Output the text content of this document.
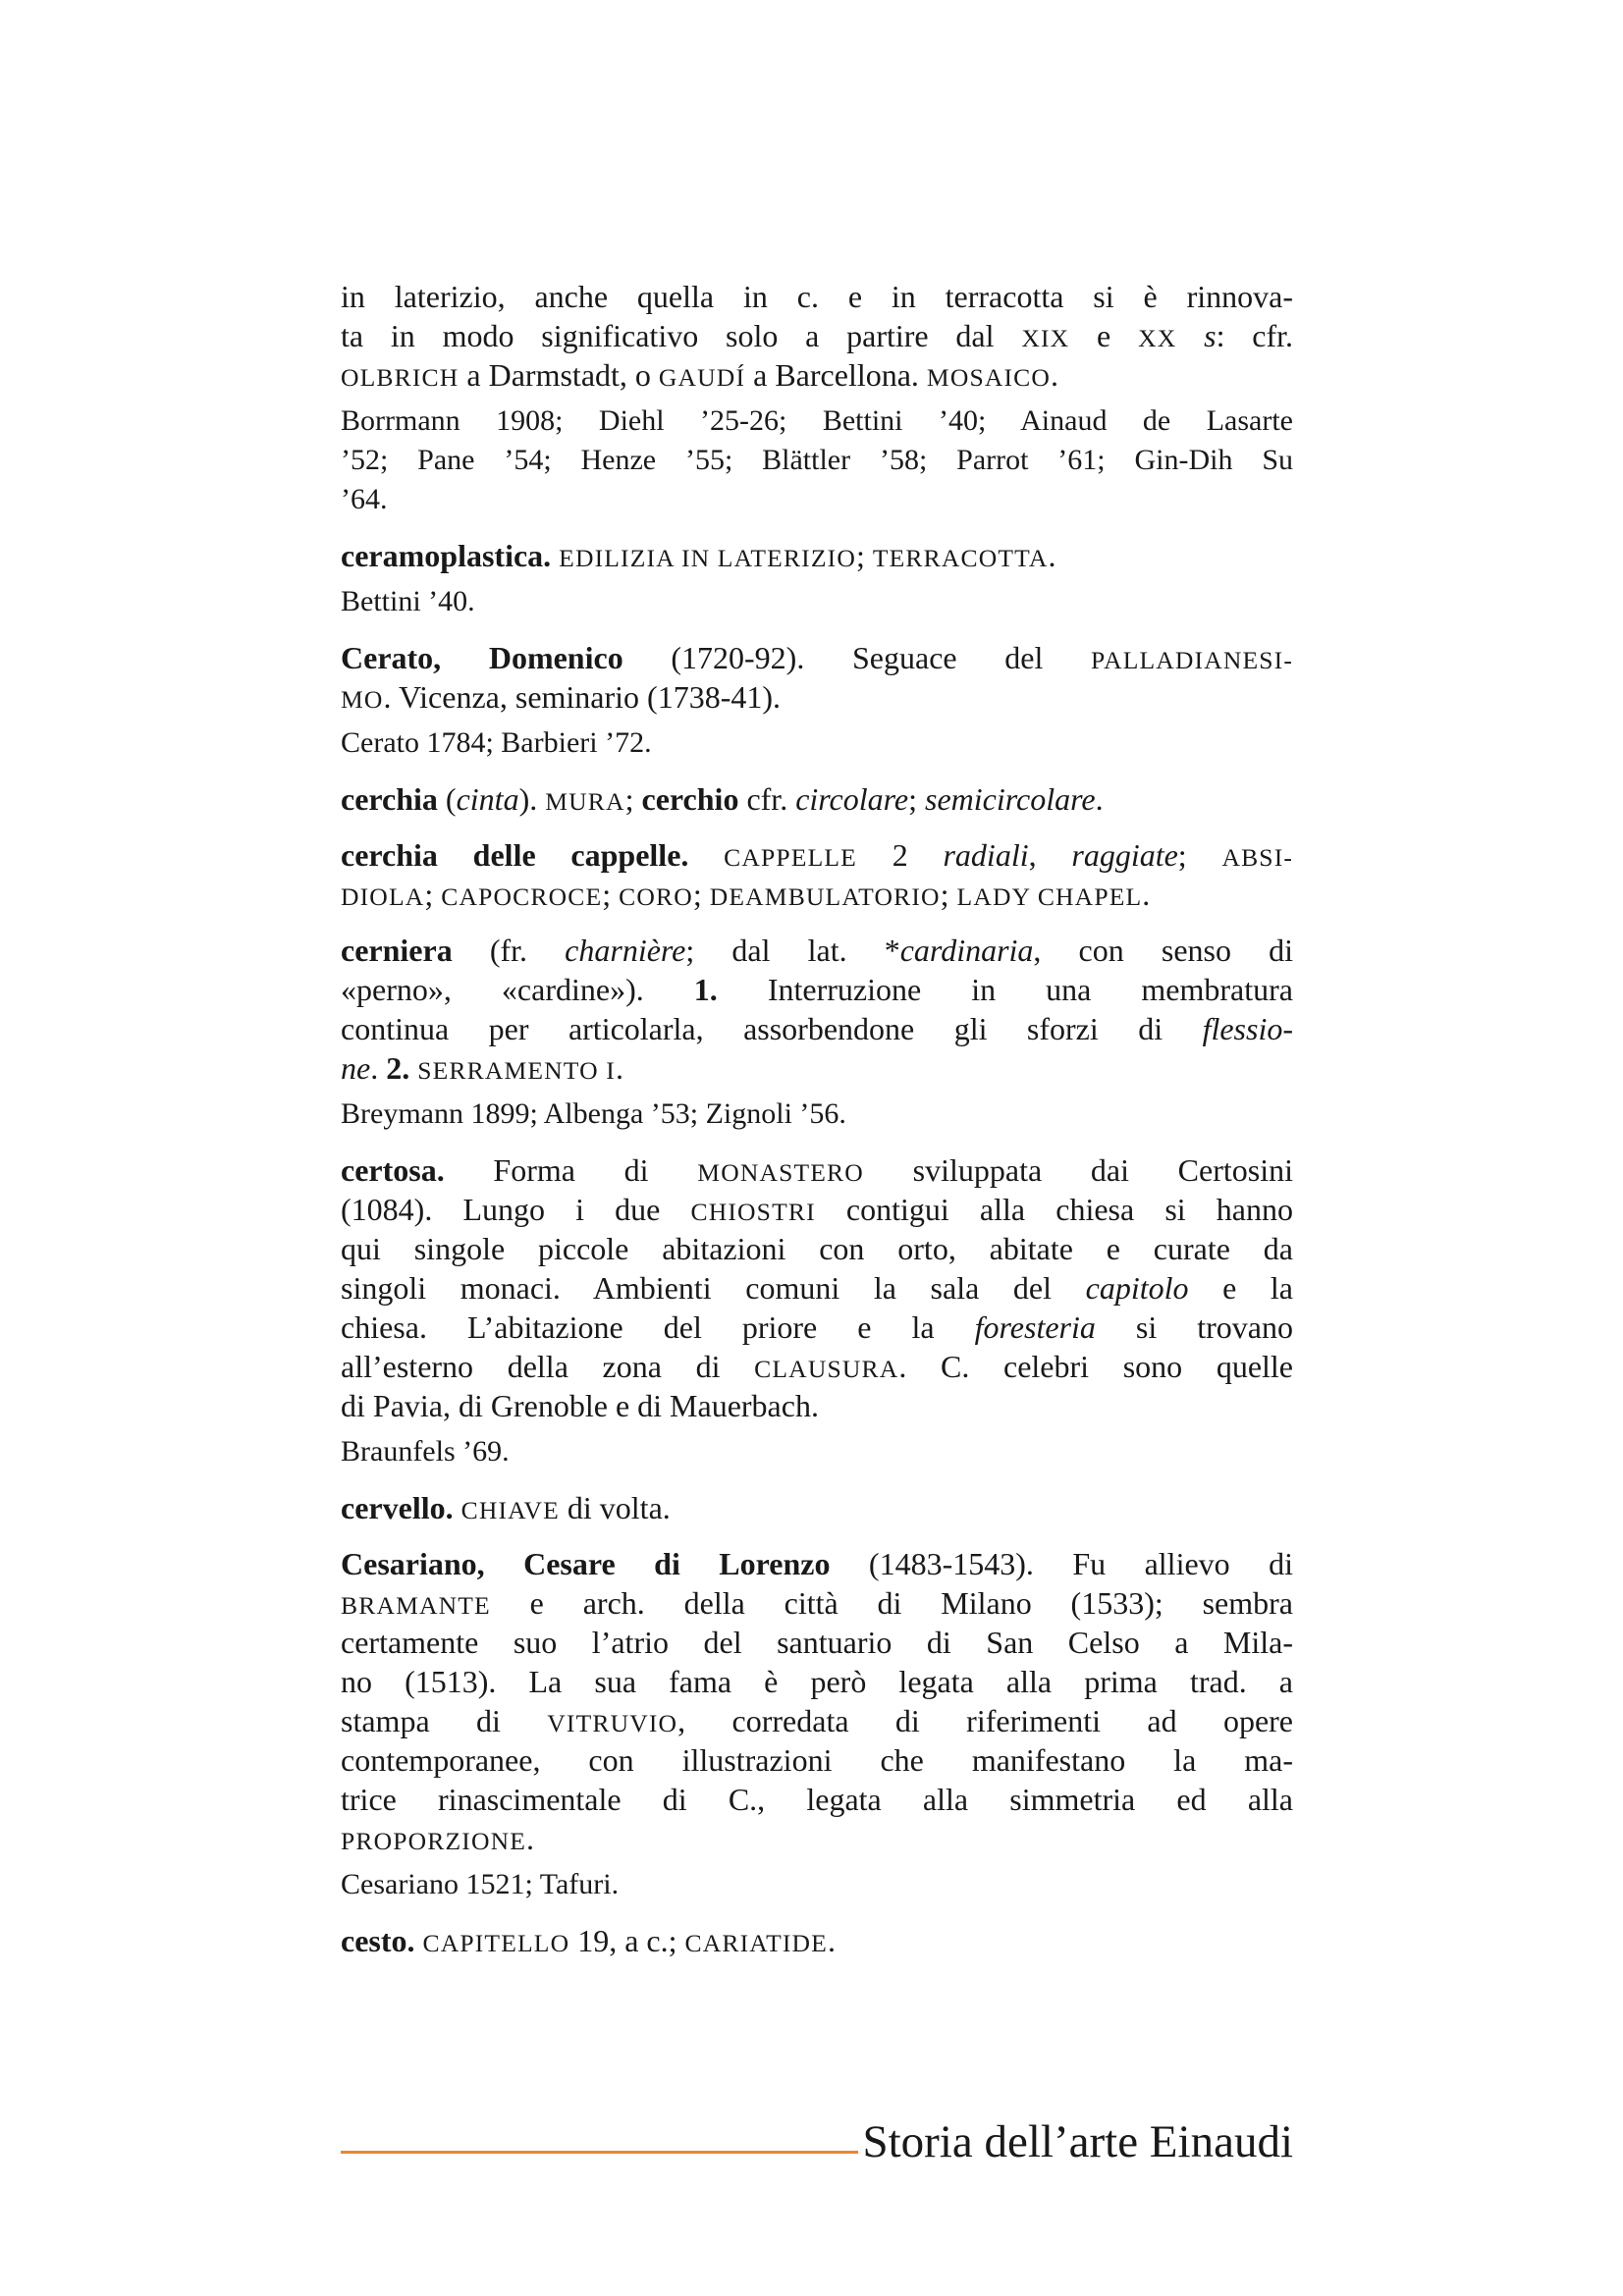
in laterizio, anche quella in c. e in terracotta si è rinnova-
ta in modo significativo solo a partire dal XIX e XX s: cfr.
OLBRICH a Darmstadt, o GAUDÍ a Barcellona. MOSAICO.
Borrmann 1908; Diehl ’25-26; Bettini ’40; Ainaud de Lasarte
’52; Pane ’54; Henze ’55; Blättler ’58; Parrot ’61; Gin-Dih Su
’64.
ceramoplastica. EDILIZIA IN LATERIZIO; TERRACOTTA.
Bettini ’40.
Cerato, Domenico (1720-92). Seguace del PALLADIANESI-
MO. Vicenza, seminario (1738-41).
Cerato 1784; Barbieri ’72.
cerchia (cinta). MURA; cerchio cfr. circolare; semicircolare.
cerchia delle cappelle. CAPPELLE 2 radiali, raggiate; ABSI-
DIOLA; CAPOCROCE; CORO; DEAMBULATORIO; LADY CHAPEL.
cerniera (fr. charnière; dal lat. *cardinaria, con senso di
«perno», «cardine»). 1. Interruzione in una membratura
continua per articolarla, assorbendone gli sforzi di flessio-
ne. 2. SERRAMENTO I.
Breymann 1899; Albenga ’53; Zignoli ’56.
certosa. Forma di MONASTERO sviluppata dai Certosini
(1084). Lungo i due CHIOSTRI contigui alla chiesa si hanno
qui singole piccole abitazioni con orto, abitate e curate da
singoli monaci. Ambienti comuni la sala del capitolo e la
chiesa. L’abitazione del priore e la foresteria si trovano
all’esterno della zona di CLAUSURA. C. celebri sono quelle
di Pavia, di Grenoble e di Mauerbach.
Braunfels ’69.
cervello. CHIAVE di volta.
Cesariano, Cesare di Lorenzo (1483-1543). Fu allievo di
BRAMANTE e arch. della città di Milano (1533); sembra
certamente suo l’atrio del santuario di San Celso a Mila-
no (1513). La sua fama è però legata alla prima trad. a
stampa di VITRUVIO, corredata di riferimenti ad opere
contemporanee, con illustrazioni che manifestano la ma-
trice rinascimentale di C., legata alla simmetria ed alla
PROPORZIONE.
Cesariano 1521; Tafuri.
cesto. CAPITELLO 19, a c.; CARIATIDE.
Storia dell’arte Einaudi
